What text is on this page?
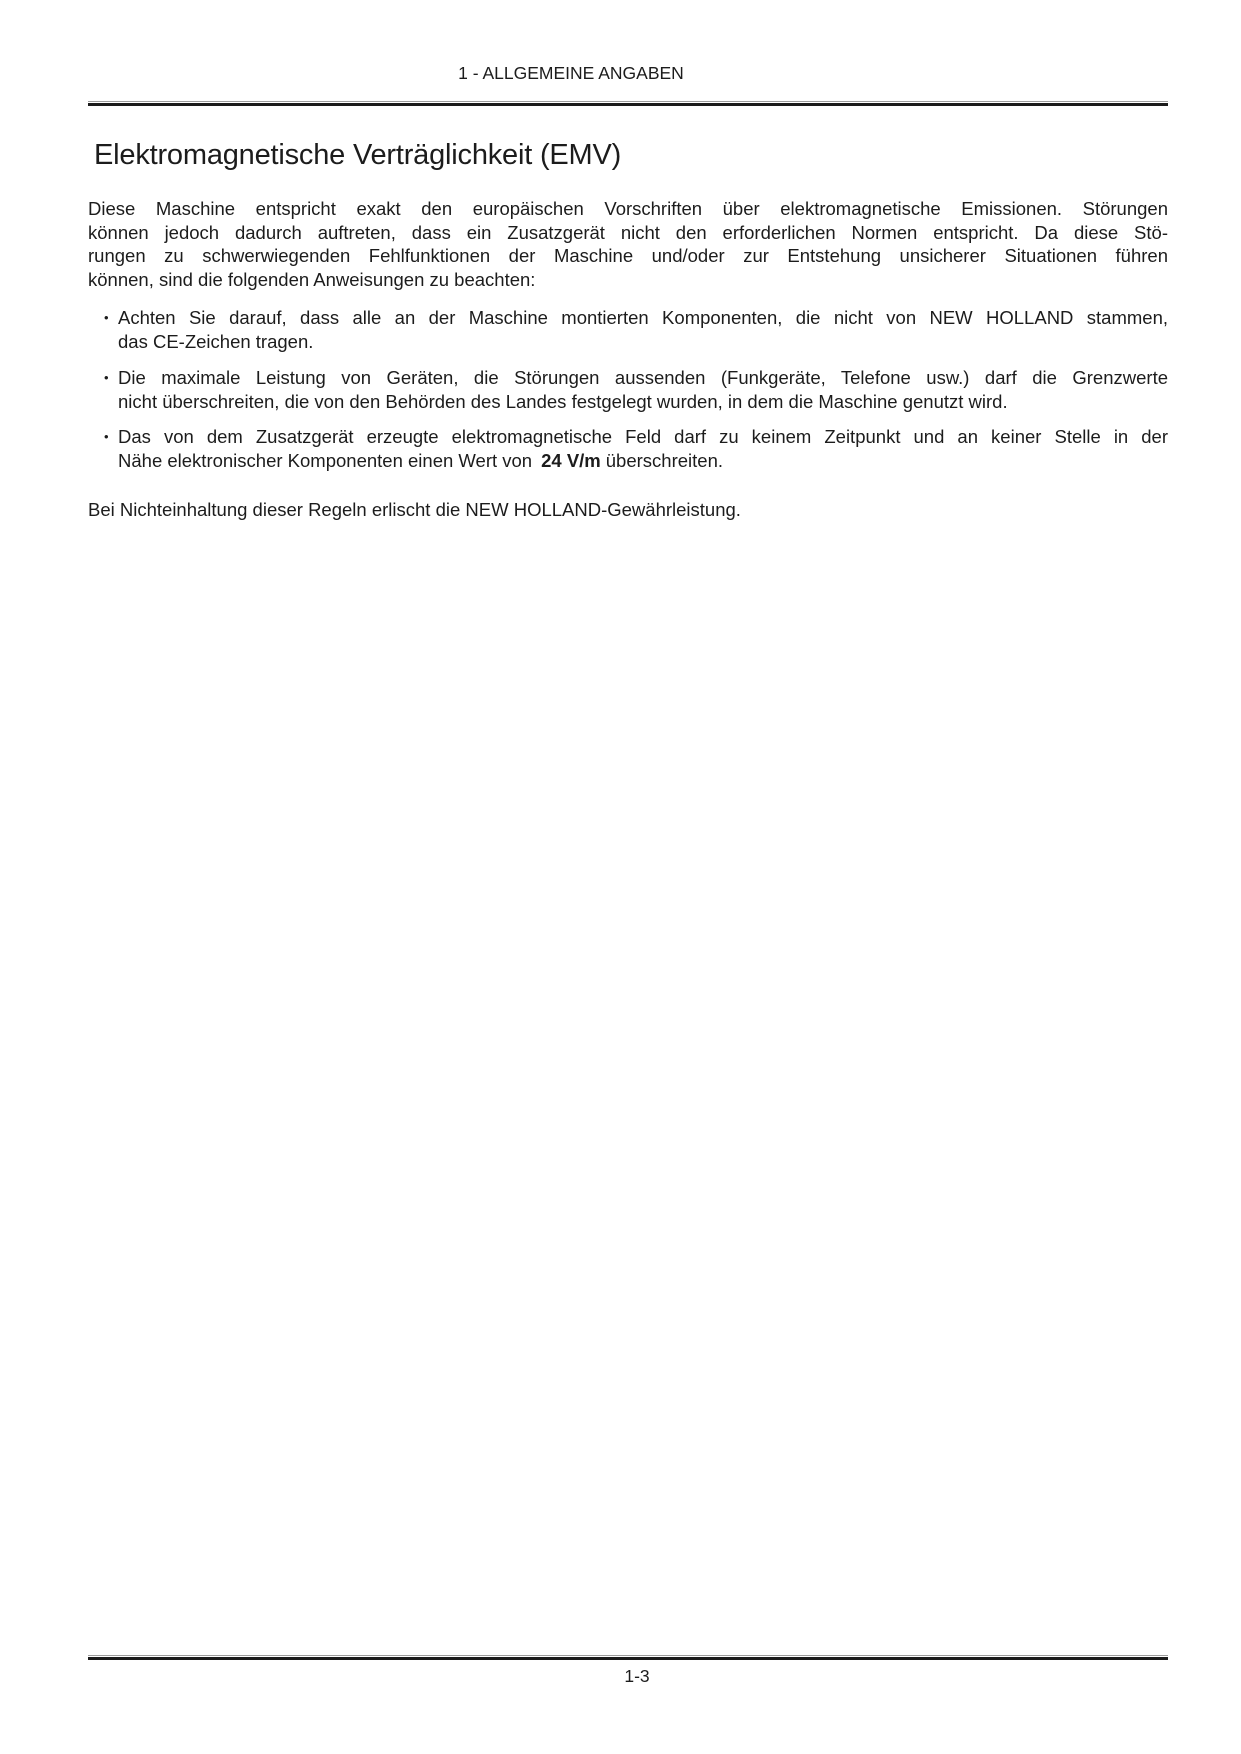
1 - ALLGEMEINE ANGABEN
Elektromagnetische Verträglichkeit (EMV)
Diese Maschine entspricht exakt den europäischen Vorschriften über elektromagnetische Emissionen. Störungen
können jedoch dadurch auftreten, dass ein Zusatzgerät nicht den erforderlichen Normen entspricht. Da diese Stö-
rungen zu schwerwiegenden Fehlfunktionen der Maschine und/oder zur Entstehung unsicherer Situationen führen
können, sind die folgenden Anweisungen zu beachten:
• Achten Sie darauf, dass alle an der Maschine montierten Komponenten, die nicht von NEW HOLLAND stammen,
das CE-Zeichen tragen.
• Die maximale Leistung von Geräten, die Störungen aussenden (Funkgeräte, Telefone usw.) darf die Grenzwerte
nicht überschreiten, die von den Behörden des Landes festgelegt wurden, in dem die Maschine genutzt wird.
• Das von dem Zusatzgerät erzeugte elektromagnetische Feld darf zu keinem Zeitpunkt und an keiner Stelle in der
Nähe elektronischer Komponenten einen Wert von 24 V/m überschreiten.
Bei Nichteinhaltung dieser Regeln erlischt die NEW HOLLAND-Gewährleistung.
1-3
